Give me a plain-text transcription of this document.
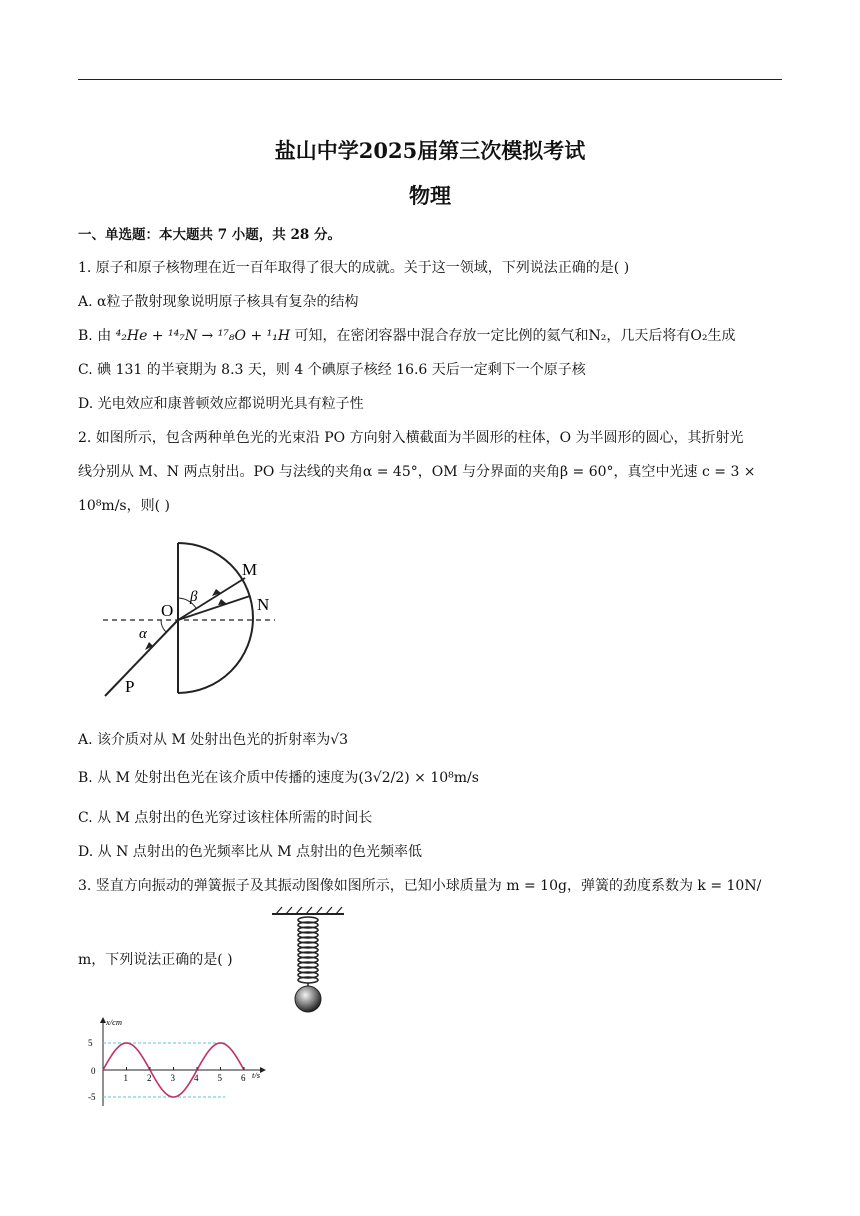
盐山中学2025届第三次模拟考试
物理
一、单选题：本大题共 7 小题，共 28 分。
1. 原子和原子核物理在近一百年取得了很大的成就。关于这一领域，下列说法正确的是( )
A. α粒子散射现象说明原子核具有复杂的结构
B. 由 ⁴₂He + ¹⁴₇N → ¹⁷₈O + ¹₁H 可知，在密闭容器中混合存放一定比例的氦气和N₂，几天后将有O₂生成
C. 碘 131 的半衰期为 8.3 天，则 4 个碘原子核经 16.6 天后一定剩下一个原子核
D. 光电效应和康普顿效应都说明光具有粒子性
2. 如图所示，包含两种单色光的光束沿 PO 方向射入横截面为半圆形的柱体，O 为半圆形的圆心，其折射光
线分别从 M、N 两点射出。PO 与法线的夹角α = 45°，OM 与分界面的夹角β = 60°，真空中光速 c = 3 ×
10⁸m/s，则( )
M
N
O
P
α
β
A. 该介质对从 M 处射出色光的折射率为√3
B. 从 M 处射出色光在该介质中传播的速度为(3√2/2) × 10⁸m/s
C. 从 M 点射出的色光穿过该柱体所需的时间长
D. 从 N 点射出的色光频率比从 M 点射出的色光频率低
3. 竖直方向振动的弹簧振子及其振动图像如图所示，已知小球质量为 m = 10g，弹簧的劲度系数为 k = 10N/
m，下列说法正确的是( )
x/cm
t/s
0
5
-5
1 2 3 4 5 6
